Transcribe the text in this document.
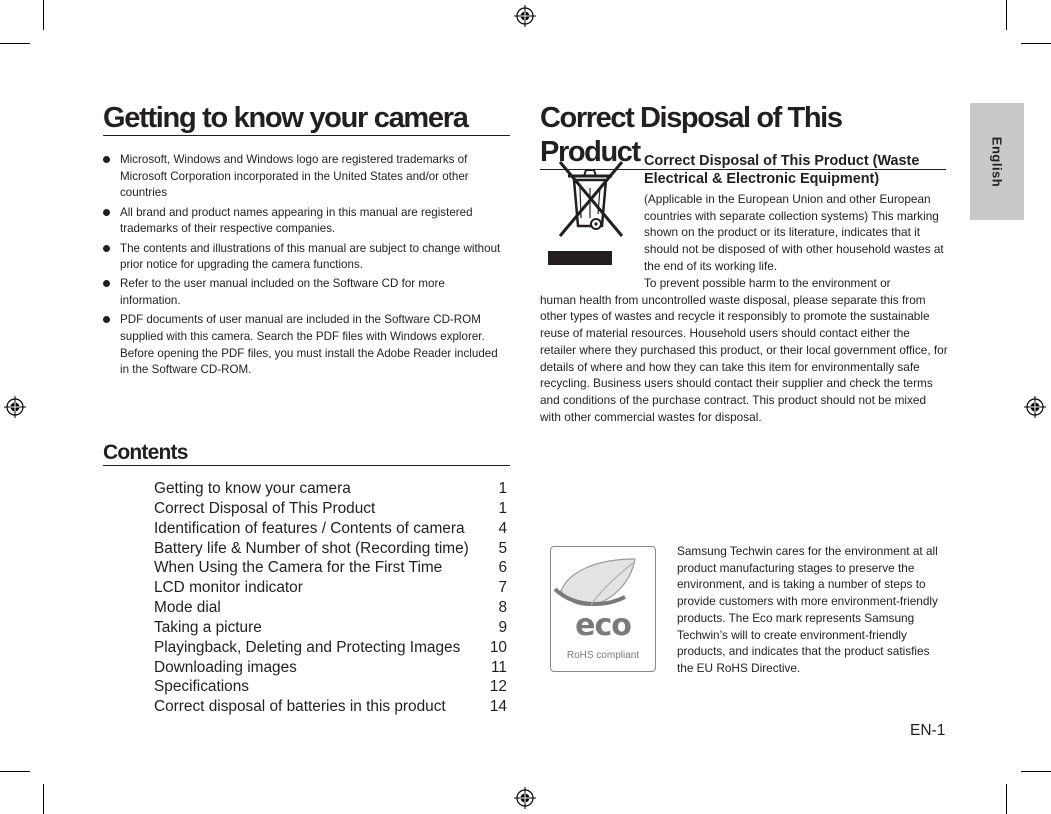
Getting to know your camera
Microsoft, Windows and Windows logo are registered trademarks of Microsoft Corporation incorporated in the United States and/or other countries
All brand and product names appearing in this manual are registered trademarks of their respective companies.
The contents and illustrations of this manual are subject to change without prior notice for upgrading the camera functions.
Refer to the user manual included on the Software CD for more information.
PDF documents of user manual are included in the Software CD-ROM supplied with this camera. Search the PDF files with Windows explorer.
Before opening the PDF files, you must install the Adobe Reader included in the Software CD-ROM.
Contents
Getting to know your camera	1
Correct Disposal of This Product	1
Identification of features / Contents of camera	4
Battery life & Number of shot (Recording time)	5
When Using the Camera for the First Time	6
LCD monitor indicator	7
Mode dial	8
Taking a picture	9
Playingback, Deleting and Protecting Images	10
Downloading images	11
Specifications	12
Correct disposal of batteries in this product	14
Correct Disposal of This Product Correct Disposal of This Product (Waste Electrical & Electronic Equipment)

(Applicable in the European Union and other European countries with separate collection systems) This marking shown on the product or its literature, indicates that it should not be disposed of with other household wastes at the end of its working life.

To prevent possible harm to the environment or
human health from uncontrolled waste disposal, please separate this from other types of wastes and recycle it responsibly to promote the sustainable reuse of material resources. Household users should contact either the retailer where they purchased this product, or their local government office, for details of where and how they can take this item for environmentally safe recycling. Business users should contact their supplier and check the terms and conditions of the purchase contract. This product should not be mixed with other commercial wastes for disposal.

eco
RoHS compliant

Samsung Techwin cares for the environment at all product manufacturing stages to preserve the environment, and is taking a number of steps to provide customers with more environment-friendly products. The Eco mark represents Samsung Techwin’s will to create environment-friendly products, and indicates that the product satisfies the EU RoHS Directive.

English
EN-1
